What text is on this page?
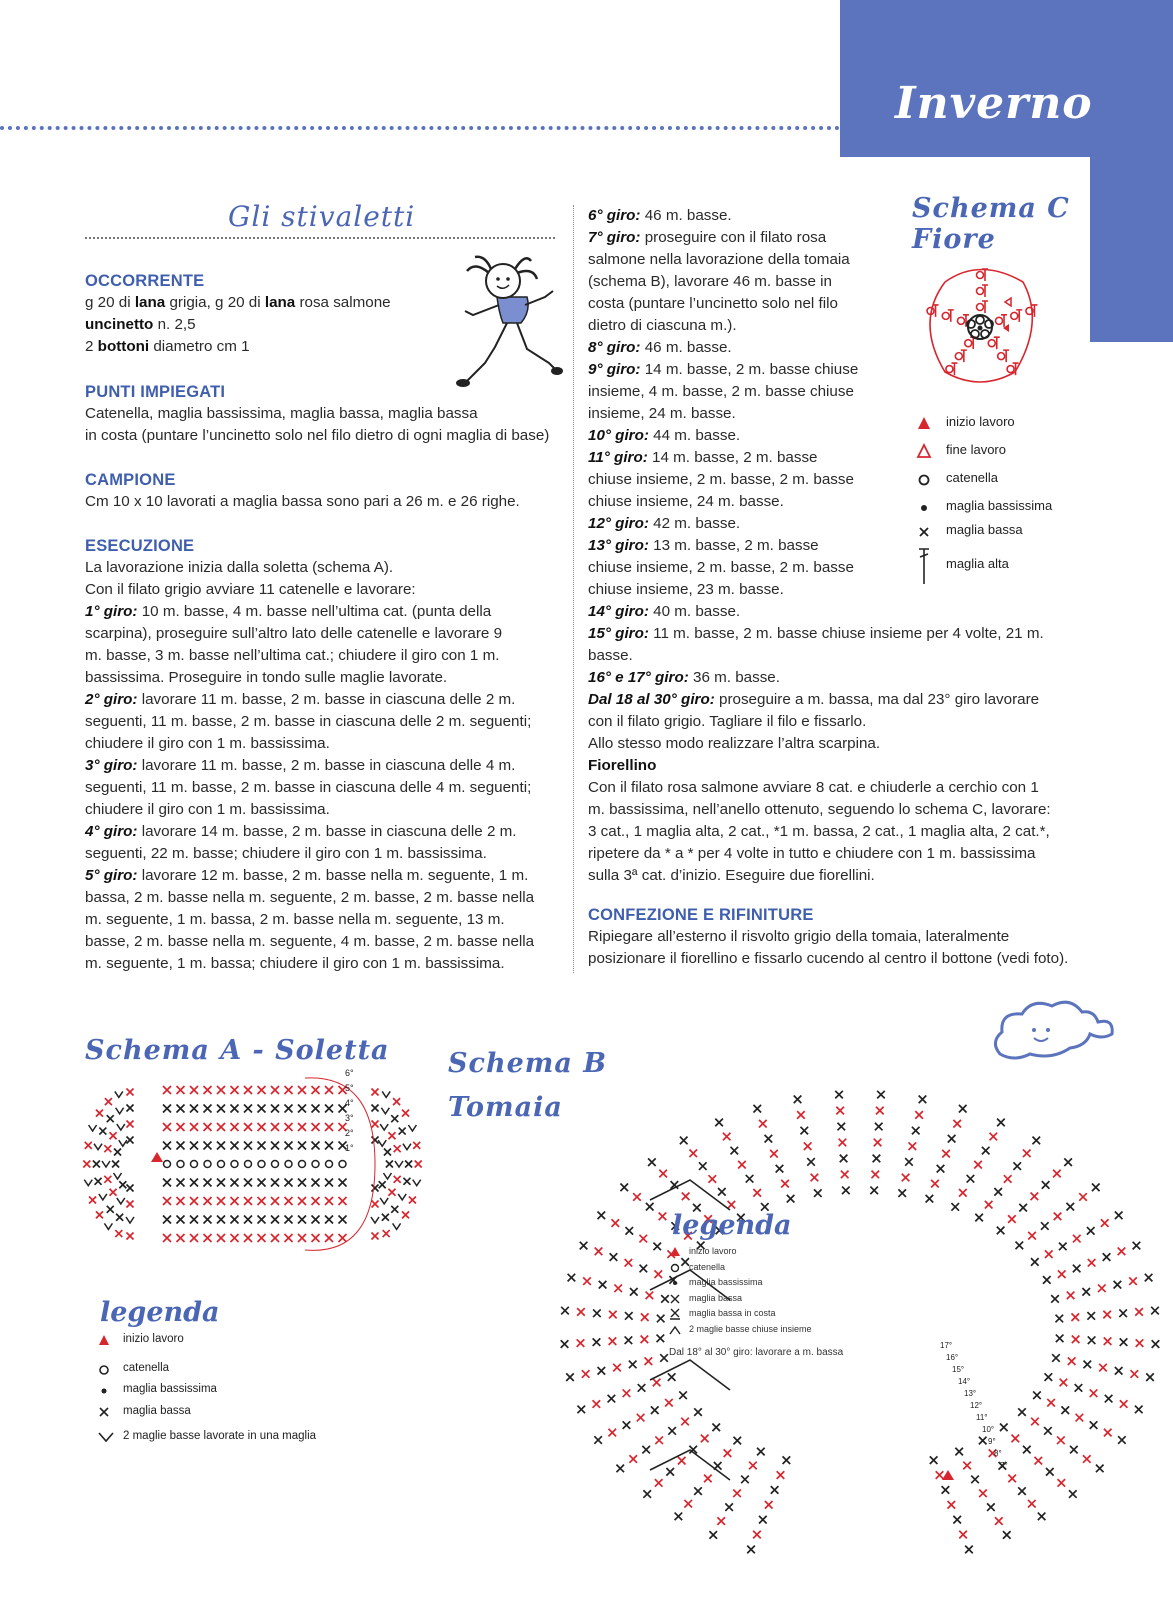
Inverno
Gli stivaletti
OCCORRENTE
g 20 di lana grigia, g 20 di lana rosa salmone
uncinetto n. 2,5
2 bottoni diametro cm 1
PUNTI IMPIEGATI
Catenella, maglia bassissima, maglia bassa, maglia bassa
in costa (puntare l’uncinetto solo nel filo dietro di ogni maglia di base)
CAMPIONE
Cm 10 x 10 lavorati a maglia bassa sono pari a 26 m. e 26 righe.
ESECUZIONE
La lavorazione inizia dalla soletta (schema A).
Con il filato grigio avviare 11 catenelle e lavorare:
1° giro: 10 m. basse, 4 m. basse nell’ultima cat. (punta della
scarpina), proseguire sull’altro lato delle catenelle e lavorare 9
m. basse, 3 m. basse nell’ultima cat.; chiudere il giro con 1 m.
bassissima. Proseguire in tondo sulle maglie lavorate.
2° giro: lavorare 11 m. basse, 2 m. basse in ciascuna delle 2 m.
seguenti, 11 m. basse, 2 m. basse in ciascuna delle 2 m. seguenti;
chiudere il giro con 1 m. bassissima.
3° giro: lavorare 11 m. basse, 2 m. basse in ciascuna delle 4 m.
seguenti, 11 m. basse, 2 m. basse in ciascuna delle 4 m. seguenti;
chiudere il giro con 1 m. bassissima.
4° giro: lavorare 14 m. basse, 2 m. basse in ciascuna delle 2 m.
seguenti, 22 m. basse; chiudere il giro con 1 m. bassissima.
5° giro: lavorare 12 m. basse, 2 m. basse nella m. seguente, 1 m.
bassa, 2 m. basse nella m. seguente, 2 m. basse, 2 m. basse nella
m. seguente, 1 m. bassa, 2 m. basse nella m. seguente, 13 m.
basse, 2 m. basse nella m. seguente, 4 m. basse, 2 m. basse nella
m. seguente, 1 m. bassa; chiudere il giro con 1 m. bassissima.
6° giro: 46 m. basse.
7° giro: proseguire con il filato rosa
salmone nella lavorazione della tomaia
(schema B), lavorare 46 m. basse in
costa (puntare l’uncinetto solo nel filo
dietro di ciascuna m.).
8° giro: 46 m. basse.
9° giro: 14 m. basse, 2 m. basse chiuse
insieme, 4 m. basse, 2 m. basse chiuse
insieme, 24 m. basse.
10° giro: 44 m. basse.
11° giro: 14 m. basse, 2 m. basse
chiuse insieme, 2 m. basse, 2 m. basse
chiuse insieme, 24 m. basse.
12° giro: 42 m. basse.
13° giro: 13 m. basse, 2 m. basse
chiuse insieme, 2 m. basse, 2 m. basse
chiuse insieme, 23 m. basse.
14° giro: 40 m. basse.
15° giro: 11 m. basse, 2 m. basse chiuse insieme per 4 volte, 21 m.
basse.
16° e 17° giro: 36 m. basse.
Dal 18 al 30° giro: proseguire a m. bassa, ma dal 23° giro lavorare
con il filato grigio. Tagliare il filo e fissarlo.
Allo stesso modo realizzare l’altra scarpina.
Fiorellino
Con il filato rosa salmone avviare 8 cat. e chiuderle a cerchio con 1
m. bassissima, nell’anello ottenuto, seguendo lo schema C, lavorare:
3 cat., 1 maglia alta, 2 cat., *1 m. bassa, 2 cat., 1 maglia alta, 2 cat.*,
ripetere da * a * per 4 volte in tutto e chiudere con 1 m. bassissima
sulla 3ª cat. d’inizio. Eseguire due fiorellini.
CONFEZIONE E RIFINITURE
Ripiegare all’esterno il risvolto grigio della tomaia, lateralmente
posizionare il fiorellino e fissarlo cucendo al centro il bottone (vedi foto).
Schema C
Fiore
inizio lavoro
fine lavoro
catenella
maglia bassissima
maglia bassa
maglia alta
Schema A - Soletta
6°
5°
4°
3°
2°
1°
legenda
inizio lavoro
catenella
maglia bassissima
maglia bassa
2 maglie basse lavorate in una maglia
Schema B
Tomaia
17°
16°
15°
14°
13°
12°
11°
10°
9°
8°
7°
legenda
inizio lavoro
catenella
maglia bassissima
maglia bassa
maglia bassa in costa
2 maglie basse chiuse insieme
Dal 18° al 30° giro: lavorare a m. bassa
